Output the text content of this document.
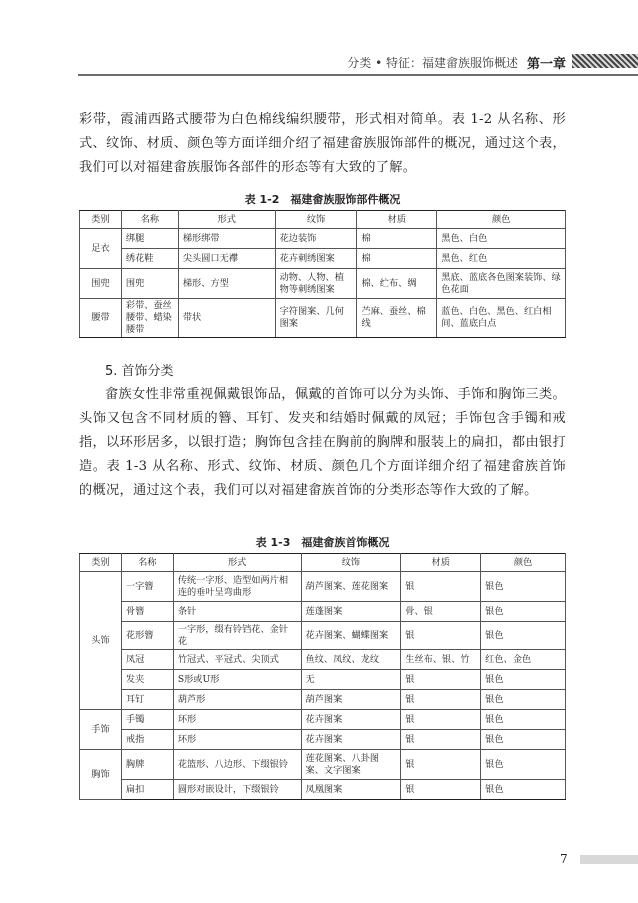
分类 • 特征：福建畲族服饰概述 第一章

彩带，霞浦西路式腰带为白色棉线编织腰带，形式相对简单。表 1-2 从名称、形式、纹饰、材质、颜色等方面详细介绍了福建畲族服饰部件的概况，通过这个表，我们可以对福建畲族服饰各部件的形态等有大致的了解。

表 1-2　福建畲族服饰部件概况
类别	名称	形式	纹饰	材质	颜色
足衣	绑腿	梯形绑带	花边装饰	棉	黑色、白色
	绣花鞋	尖头圆口无襻	花卉刺绣图案	棉	黑色、红色
围兜	围兜	梯形、方型	动物、人物、植物等刺绣图案	棉、纻布、绸	黑底、蓝底各色图案装饰、绿色花面
腰带	彩带、蚕丝腰带、蜡染腰带	带状	字符图案、几何图案	苎麻、蚕丝、棉线	蓝色、白色、黑色、红白相间、蓝底白点
5. 首饰分类

畲族女性非常重视佩戴银饰品，佩戴的首饰可以分为头饰、手饰和胸饰三类。头饰又包含不同材质的簪、耳钉、发夹和结婚时佩戴的凤冠；手饰包含手镯和戒指，以环形居多，以银打造；胸饰包含挂在胸前的胸牌和服装上的扁扣，都由银打造。表 1-3 从名称、形式、纹饰、材质、颜色几个方面详细介绍了福建畲族首饰的概况，通过这个表，我们可以对福建畲族首饰的分类形态等作大致的了解。

表 1-3　福建畲族首饰概况
类别	名称	形式	纹饰	材质	颜色
头饰	一字簪	传统一字形、造型如两片相连的垂叶呈弯曲形	葫芦图案、莲花图案	银	银色
	骨簪	条针	莲蓬图案	骨、银	银色
	花形簪	一字形，缀有铃铛花、金针花	花卉图案、蝴蝶图案	银	银色
	凤冠	竹冠式、平冠式、尖顶式	鱼纹、凤纹、龙纹	生丝布、银、竹	红色、金色
	发夹	S形或U形	无	银	银色
	耳钉	葫芦形	葫芦图案	银	银色
手饰	手镯	环形	花卉图案	银	银色
	戒指	环形	花卉图案	银	银色
胸饰	胸牌	花篮形、八边形、下缀银铃	莲花图案、八卦图案、文字图案	银	银色
	扁扣	圆形对嵌设计，下缀银铃	凤凰图案	银	银色
7
